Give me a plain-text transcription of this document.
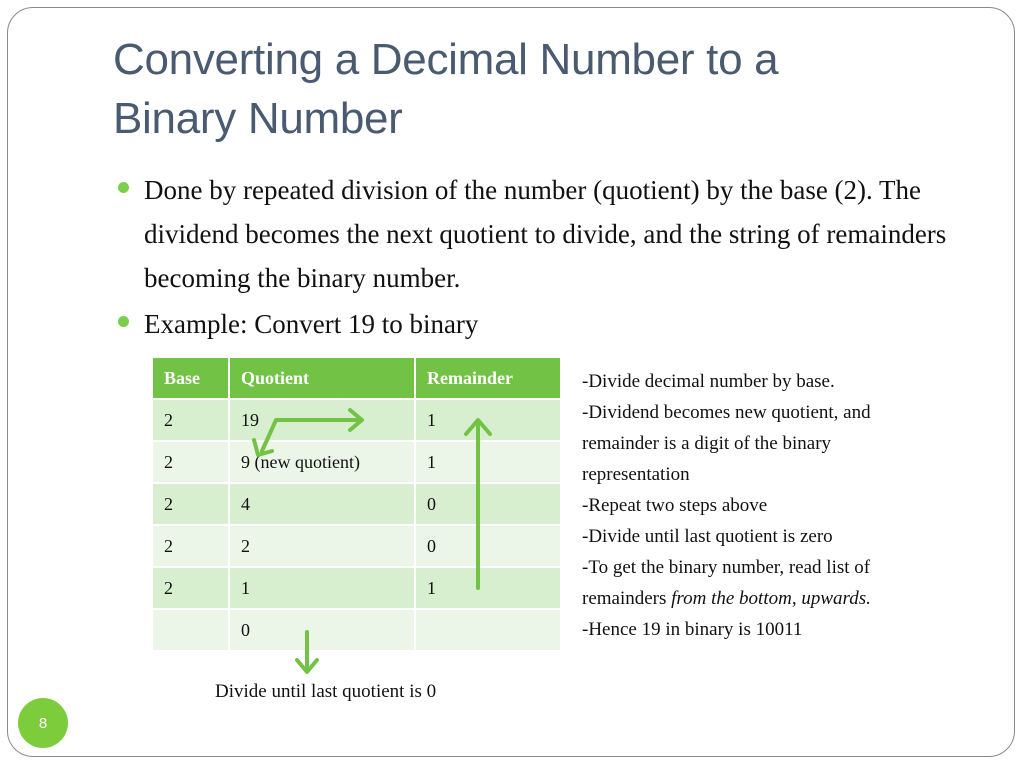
Converting a Decimal Number to a
Binary Number
Done by repeated division of the number (quotient) by the base (2). The dividend becomes the next quotient to divide, and the string of remainders becoming the binary number.
Example: Convert 19 to binary
Base	Quotient	Remainder
2	19	1
2	9 (new quotient)	1
2	4	0
2	2	0
2	1	1
	0	
-Divide decimal number by base.
-Dividend becomes new quotient, and
remainder is a digit of the binary
representation
-Repeat two steps above
-Divide until last quotient is zero
-To get the binary number, read list of
remainders from the bottom, upwards.
-Hence 19 in binary is 10011
Divide until last quotient is 0
8
